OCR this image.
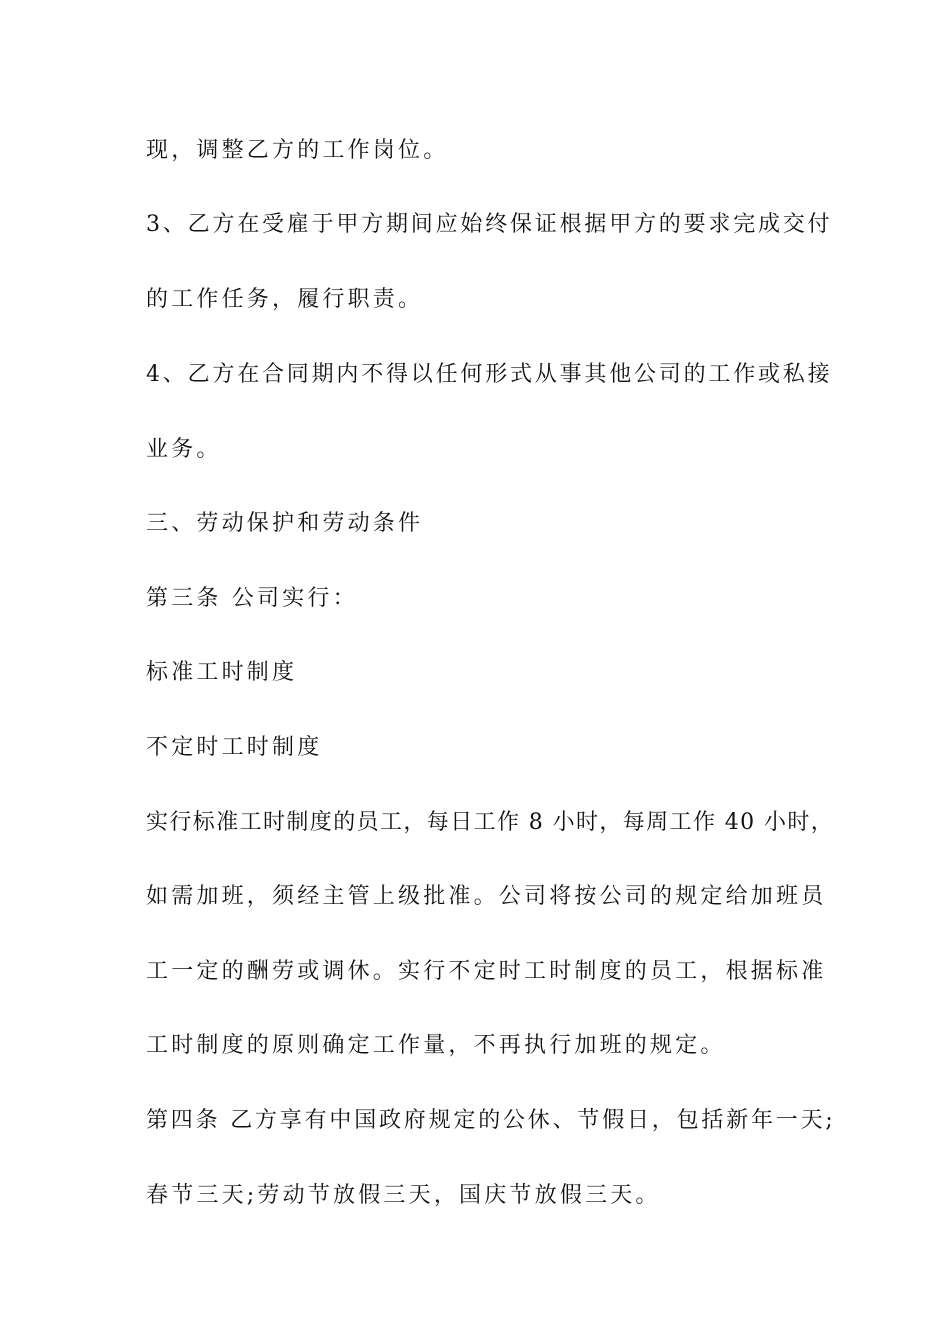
现，调整乙方的工作岗位。
3、乙方在受雇于甲方期间应始终保证根据甲方的要求完成交付
的工作任务，履行职责。
4、乙方在合同期内不得以任何形式从事其他公司的工作或私接
业务。
三、劳动保护和劳动条件
第三条 公司实行：
标准工时制度
不定时工时制度
实行标准工时制度的员工，每日工作 8 小时，每周工作 40 小时，
如需加班，须经主管上级批准。公司将按公司的规定给加班员
工一定的酬劳或调休。实行不定时工时制度的员工，根据标准
工时制度的原则确定工作量，不再执行加班的规定。
第四条 乙方享有中国政府规定的公休、节假日，包括新年一天;
春节三天;劳动节放假三天，国庆节放假三天。
